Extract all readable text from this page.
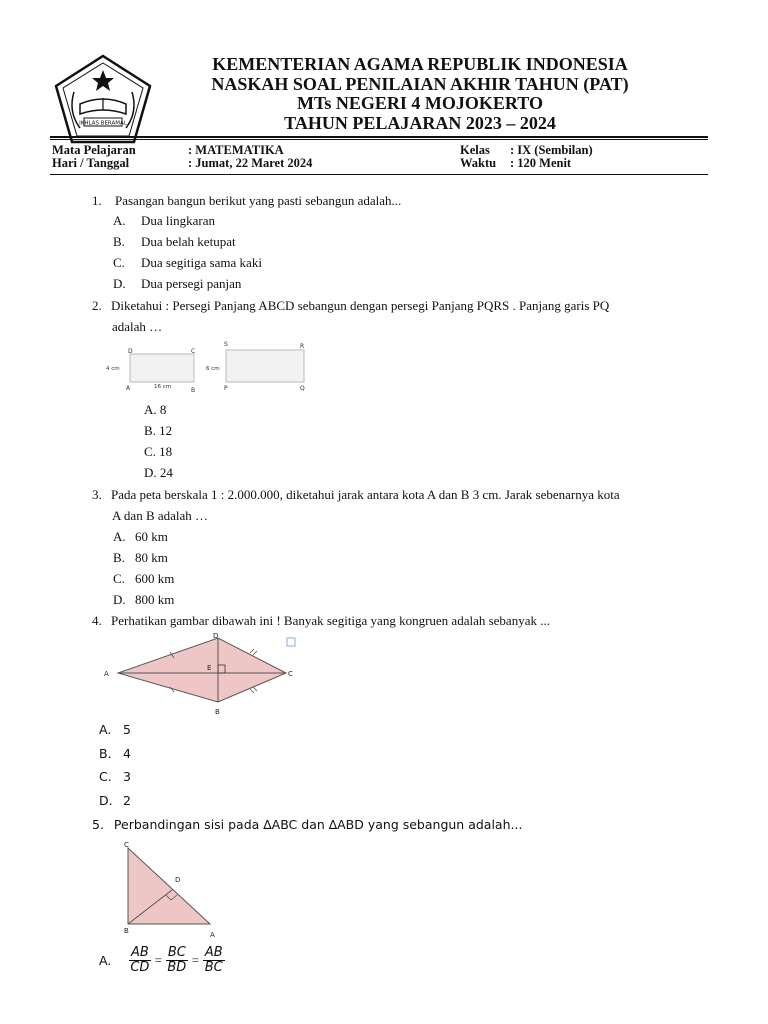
IKHLAS BERAMAL
KEMENTERIAN AGAMA REPUBLIK INDONESIA
NASKAH SOAL PENILAIAN AKHIR TAHUN (PAT)
MTs NEGERI 4 MOJOKERTO
TAHUN PELAJARAN 2023 – 2024
Mata Pelajaran	: MATEMATIKA
Hari / Tanggal	: Jumat, 22 Maret 2024
Kelas : IX (Sembilan)
Waktu : 120 Menit
1. Pasangan bangun berikut yang pasti sebangun adalah...
A. Dua lingkaran
B. Dua belah ketupat
C. Dua segitiga sama kaki
D. Dua persegi panjan
2. Diketahui : Persegi Panjang ABCD sebangun dengan persegi Panjang PQRS . Panjang garis PQ
adalah …
D	C
A	B
4 cm
16 cm
S	R
P	Q
6 cm
A. 8
B. 12
C. 18
D. 24
3. Pada peta berskala 1 : 2.000.000, diketahui jarak antara kota A dan B 3 cm. Jarak sebenarnya kota
A dan B adalah …
A. 60 km
B. 80 km
C. 600 km
D. 800 km
4. Perhatikan gambar dibawah ini ! Banyak segitiga yang kongruen adalah sebanyak ...
D
A
E
C
B
A. 5
B. 4
C. 3
D. 2
5. Perbandingan sisi pada ∆ABC dan ∆ABD yang sebangun adalah...
C
D
B	A
A. $\frac{AB}{CD} = \frac{BC}{BD} = \frac{AB}{BC}$
